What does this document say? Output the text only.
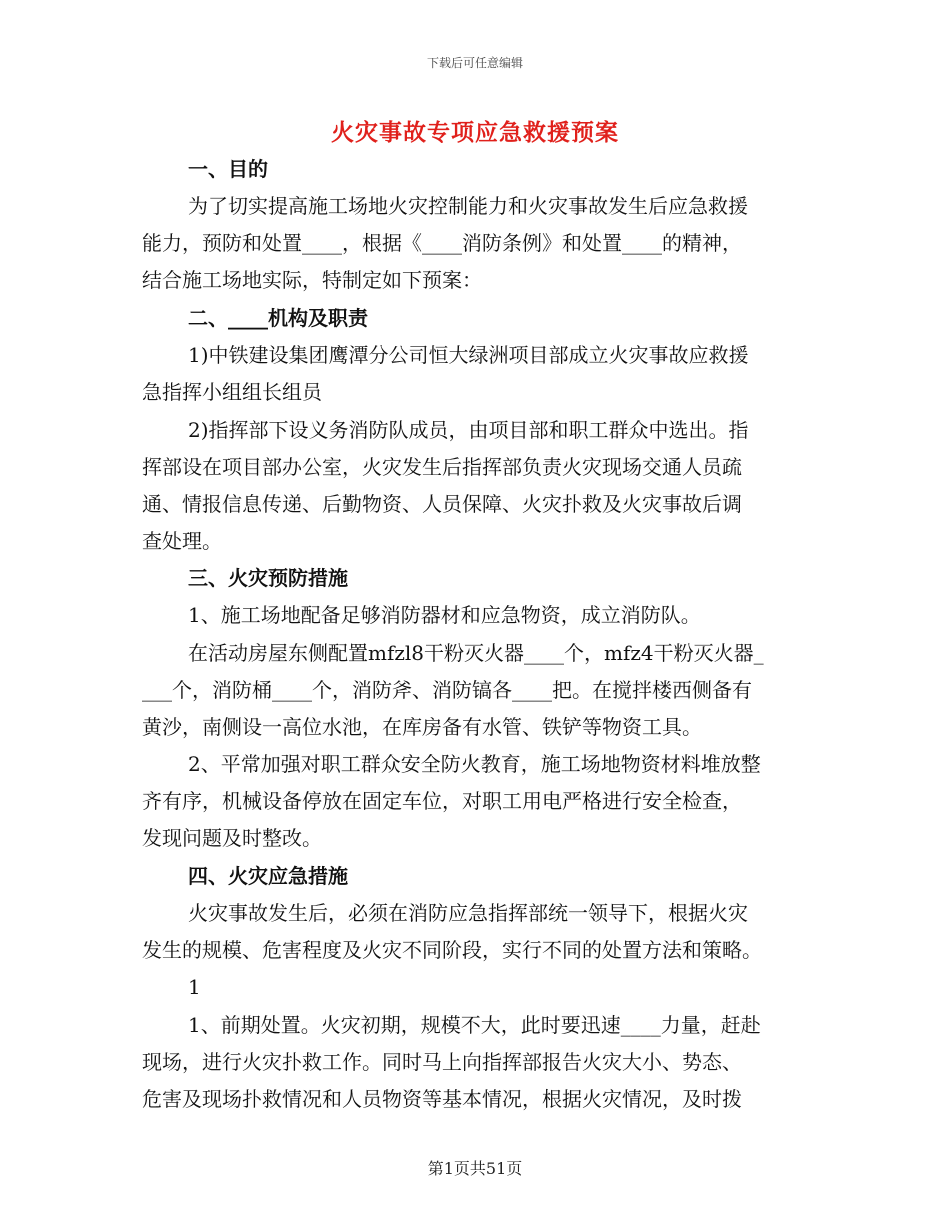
下载后可任意编辑
火灾事故专项应急救援预案
一、目的
为了切实提高施工场地火灾控制能力和火灾事故发生后应急救援
能力，预防和处置____，根据《____消防条例》和处置____的精神，
结合施工场地实际，特制定如下预案：
二、____机构及职责
1)中铁建设集团鹰潭分公司恒大绿洲项目部成立火灾事故应救援
急指挥小组组长组员
2)指挥部下设义务消防队成员，由项目部和职工群众中选出。指
挥部设在项目部办公室，火灾发生后指挥部负责火灾现场交通人员疏
通、情报信息传递、后勤物资、人员保障、火灾扑救及火灾事故后调
查处理。
三、火灾预防措施
1、施工场地配备足够消防器材和应急物资，成立消防队。
在活动房屋东侧配置mfzl8干粉灭火器____个，mfz4干粉灭火器_
___个，消防桶____个，消防斧、消防镐各____把。在搅拌楼西侧备有
黄沙，南侧设一高位水池，在库房备有水管、铁铲等物资工具。
2、平常加强对职工群众安全防火教育，施工场地物资材料堆放整
齐有序，机械设备停放在固定车位，对职工用电严格进行安全检查，
发现问题及时整改。
四、火灾应急措施
火灾事故发生后，必须在消防应急指挥部统一领导下，根据火灾
发生的规模、危害程度及火灾不同阶段，实行不同的处置方法和策略。
1
1、前期处置。火灾初期，规模不大，此时要迅速____力量，赶赴
现场，进行火灾扑救工作。同时马上向指挥部报告火灾大小、势态、
危害及现场扑救情况和人员物资等基本情况，根据火灾情况，及时拨
第1页共51页
